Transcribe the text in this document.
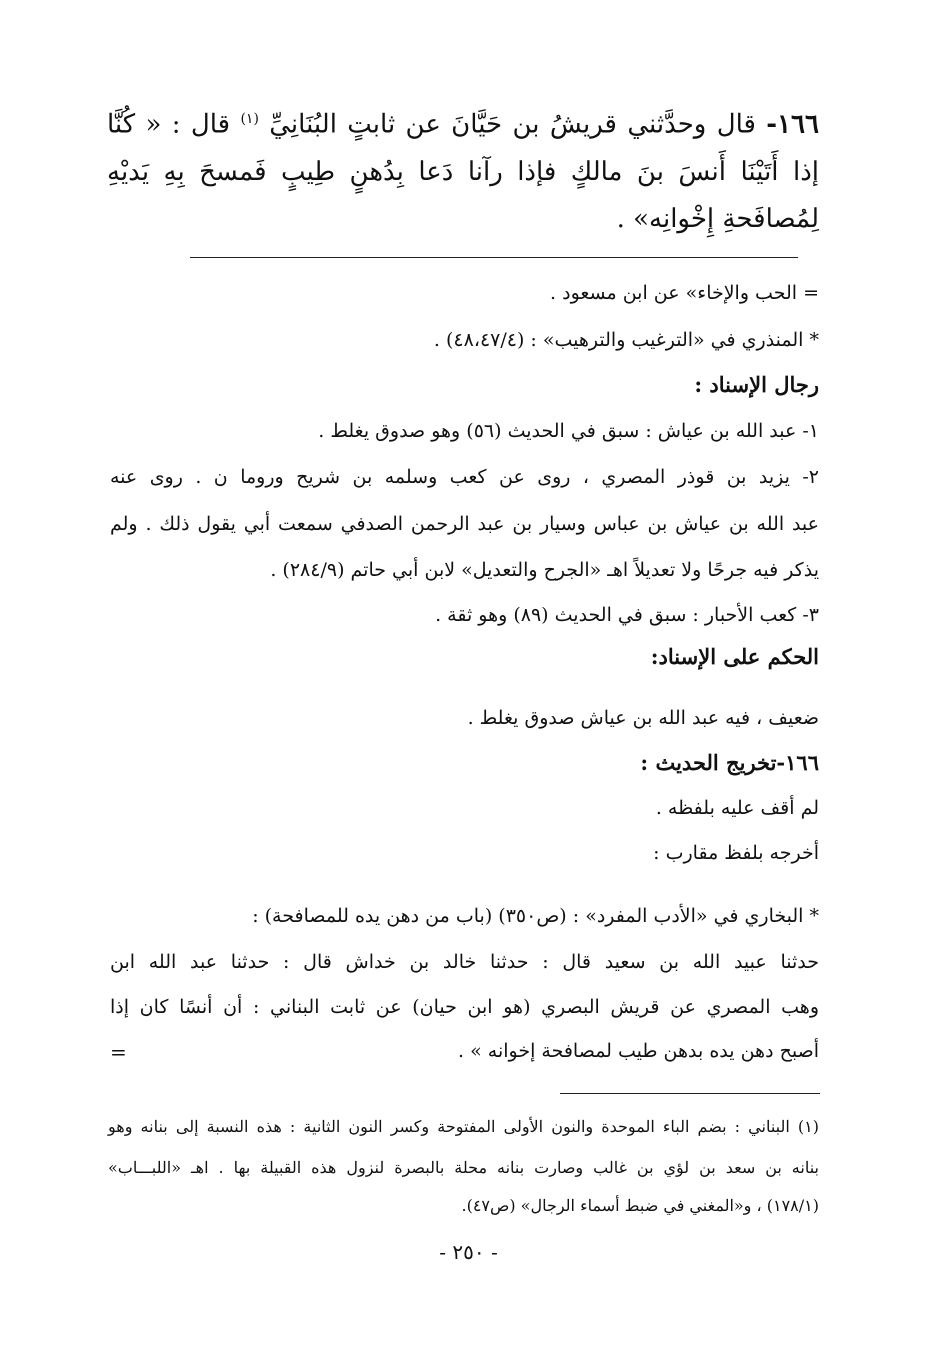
١٦٦- قال وحدَّثني قريشُ بن حَيَّانَ عن ثابتٍ البُنَانِيِّ $^{(١)}$ قال : « كُنَّا إذا أَتَيْنَا أَنسَ بنَ مالكٍ فإذا رآنا دَعا بِدُهنٍ طِيبٍ فَمسحَ بِهِ يَديْهِ لِمُصافَحةِ إِخْوانِه» .
= الحب والإخاء» عن ابن مسعود .
* المنذري في «الترغيب والترهيب» : (٤٨،٤٧/٤) .
رجال الإسناد :
١- عبد الله بن عياش : سبق في الحديث (٥٦) وهو صدوق يغلط .
٢- يزيد بن قوذر المصري ، روى عن كعب وسلمه بن شريح وروما ن . روى عنه
عبد الله بن عياش بن عباس وسيار بن عبد الرحمن الصدفي سمعت أبي يقول ذلك . ولم
يذكر فيه جرحًا ولا تعديلاً اهـ «الجرح والتعديل» لابن أبي حاتم (٢٨٤/٩) .
٣- كعب الأحبار : سبق في الحديث (٨٩) وهو ثقة .
الحكم على الإسناد:
ضعيف ، فيه عبد الله بن عياش صدوق يغلط .
١٦٦-تخريج الحديث :
لم أقف عليه بلفظه .
أخرجه بلفظ مقارب :
* البخاري في «الأدب المفرد» : (ص٣٥٠) (باب من دهن يده للمصافحة) :
حدثنا عبيد الله بن سعيد قال : حدثنا خالد بن خداش قال : حدثنا عبد الله ابن
وهب المصري عن قريش البصري (هو ابن حيان) عن ثابت البناني : أن أنسًا كان إذا
أصبح دهن يده بدهن طيب لمصافحة إخوانه » .
=
(١) البناني : بضم الباء الموحدة والنون الأولى المفتوحة وكسر النون الثانية : هذه النسبة إلى بنانه وهو
بنانه بن سعد بن لؤي بن غالب وصارت بنانه محلة بالبصرة لنزول هذه القبيلة بها . اهـ «اللبـــاب»
(١٧٨/١) ، و«المغني في ضبط أسماء الرجال» (ص٤٧).
- ٢٥٠ -
